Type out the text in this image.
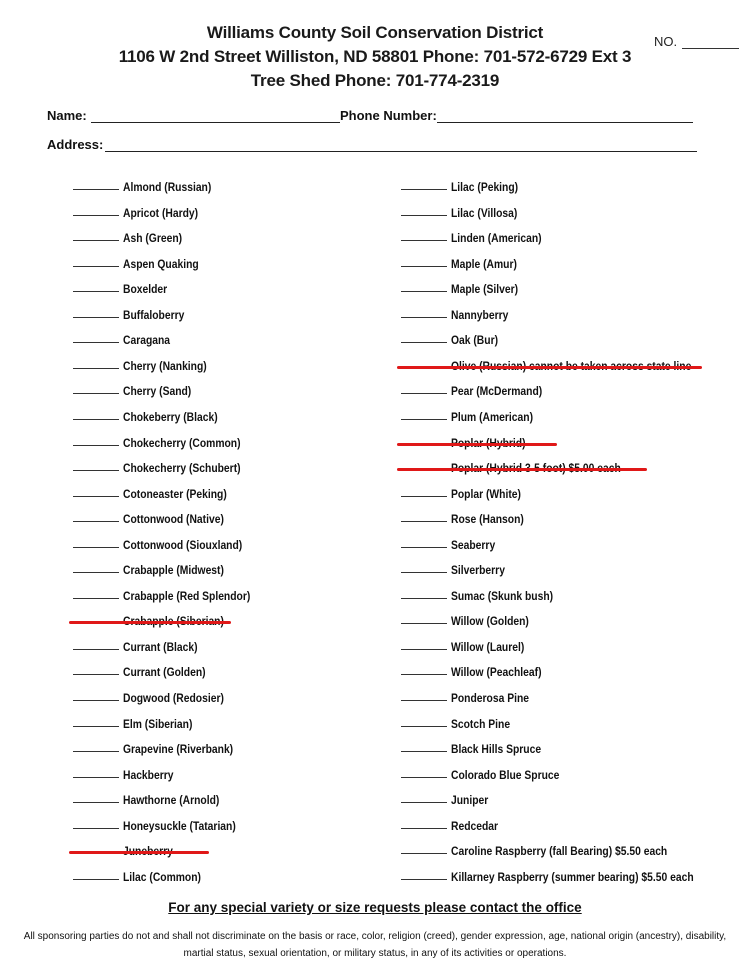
Williams County Soil Conservation District
1106 W 2nd Street Williston, ND 58801 Phone: 701-572-6729 Ext 3
Tree Shed Phone: 701-774-2319
NO.
Name:	Phone Number:
Address:
Almond (Russian)
Apricot (Hardy)
Ash (Green)
Aspen Quaking
Boxelder
Buffaloberry
Caragana
Cherry (Nanking)
Cherry (Sand)
Chokeberry (Black)
Chokecherry (Common)
Chokecherry (Schubert)
Cotoneaster (Peking)
Cottonwood (Native)
Cottonwood (Siouxland)
Crabapple (Midwest)
Crabapple (Red Splendor)
Currant (Black)
Currant (Golden)
Dogwood (Redosier)
Elm (Siberian)
Grapevine (Riverbank)
Hackberry
Hawthorne (Arnold)
Honeysuckle (Tatarian)
Lilac (Common)
Lilac (Peking)
Lilac (Villosa)
Linden (American)
Maple (Amur)
Maple (Silver)
Nannyberry
Oak (Bur)
Pear (McDermand)
Plum (American)
Poplar (White)
Rose (Hanson)
Seaberry
Silverberry
Sumac (Skunk bush)
Willow (Golden)
Willow (Laurel)
Willow (Peachleaf)
Ponderosa Pine
Scotch Pine
Black Hills Spruce
Colorado Blue Spruce
Juniper
Redcedar
Caroline Raspberry (fall Bearing) $5.50 each
Killarney Raspberry (summer bearing) $5.50 each
For any special variety or size requests please contact the office
All sponsoring parties do not and shall not discriminate on the basis or race, color, religion (creed), gender expression, age, national origin (ancestry), disability, martial status, sexual orientation, or military status, in any of its activities or operations.
